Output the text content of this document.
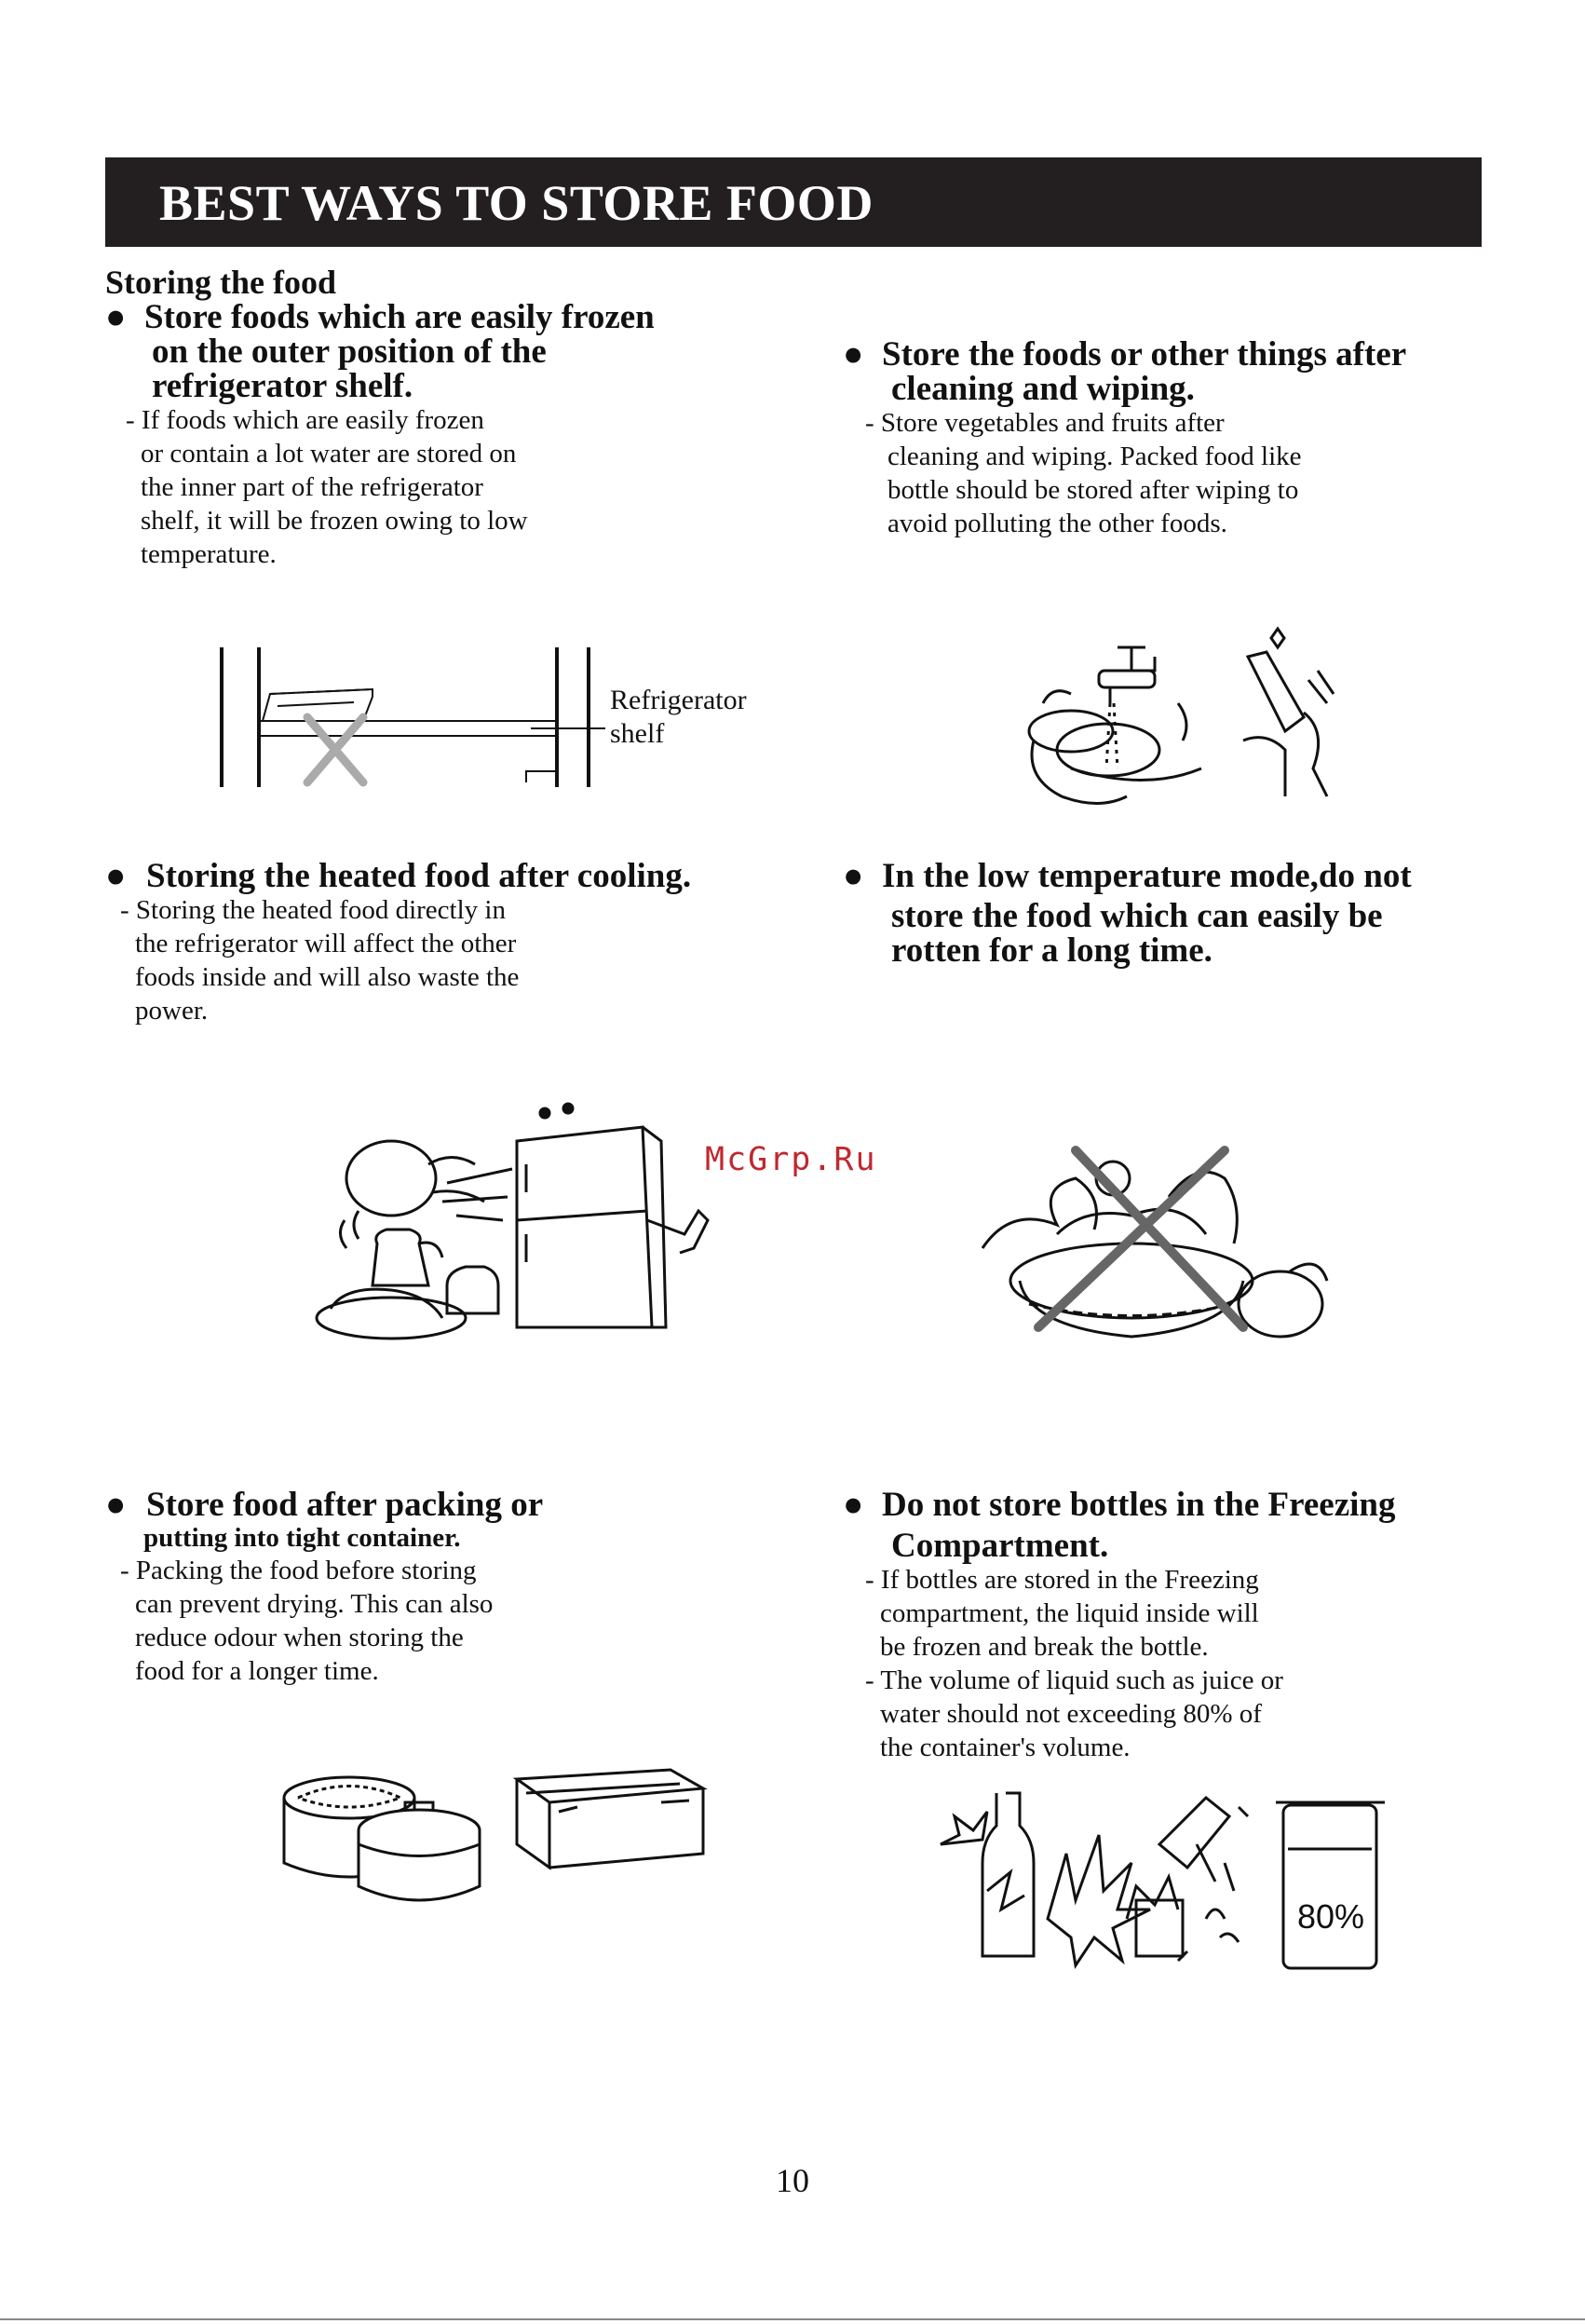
BEST WAYS TO STORE FOOD

Storing the food

● Store foods which are easily frozen

on the outer position of the

refrigerator shelf.

- If foods which are easily frozen

or contain a lot water are stored on

the inner part of the refrigerator

shelf, it will be frozen owing to low

temperature.

● Store the foods or other things after

cleaning and wiping.

- Store vegetables and fruits after

cleaning and wiping. Packed food like

bottle should be stored after wiping to

avoid polluting the other foods.

Refrigerator

shelf

● Storing the heated food after cooling.

- Storing the heated food directly in

the refrigerator will affect the other

foods inside and will also waste the

power.

● In the low temperature mode,do not

store the food which can easily be

rotten for a long time.

McGrp.Ru

● Store food after packing or

putting into tight container.

- Packing the food before storing

can prevent drying. This can also

reduce odour when storing the

food for a longer time.

● Do not store bottles in the Freezing

Compartment.

- If bottles are stored in the Freezing

compartment, the liquid inside will

be frozen and break the bottle.

- The volume of liquid such as juice or

water should not exceeding 80% of

the container's volume.

80%
10
